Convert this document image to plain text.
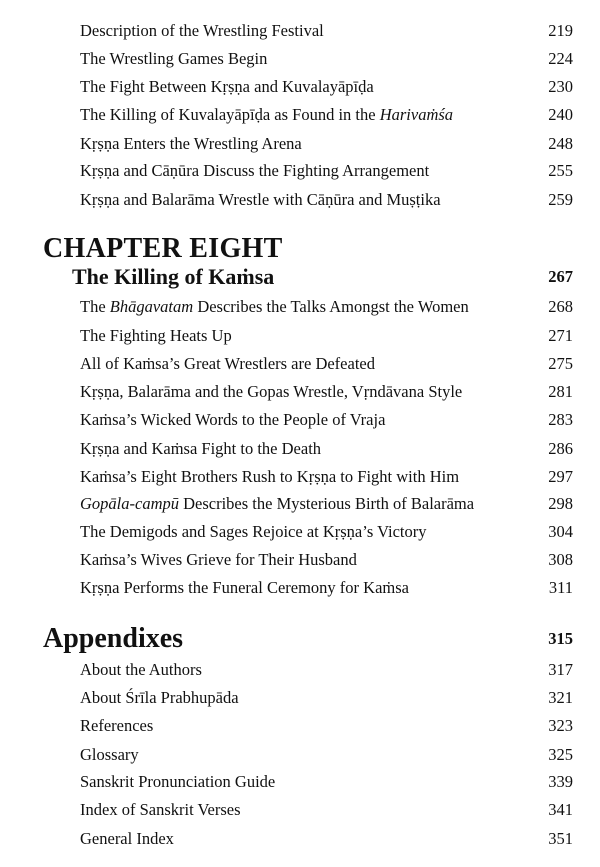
Description of the Wrestling Festival	219
The Wrestling Games Begin	224
The Fight Between Kṛṣṇa and Kuvalayāpīḍa	230
The Killing of Kuvalayāpīḍa as Found in the Harivaṁśa	240
Kṛṣṇa Enters the Wrestling Arena	248
Kṛṣṇa and Cāṇūra Discuss the Fighting Arrangement	255
Kṛṣṇa and Balarāma Wrestle with Cāṇūra and Muṣṭika	259
CHAPTER EIGHT
The Killing of Kaṁsa	267
The Bhāgavatam Describes the Talks Amongst the Women	268
The Fighting Heats Up	271
All of Kaṁsa’s Great Wrestlers are Defeated	275
Kṛṣṇa, Balarāma and the Gopas Wrestle, Vṛndāvana Style	281
Kaṁsa’s Wicked Words to the People of Vraja	283
Kṛṣṇa and Kaṁsa Fight to the Death	286
Kaṁsa’s Eight Brothers Rush to Kṛṣṇa to Fight with Him	297
Gopāla-campū Describes the Mysterious Birth of Balarāma	298
The Demigods and Sages Rejoice at Kṛṣṇa’s Victory	304
Kaṁsa’s Wives Grieve for Their Husband	308
Kṛṣṇa Performs the Funeral Ceremony for Kaṁsa	311
Appendixes	315
About the Authors	317
About Śrīla Prabhupāda	321
References	323
Glossary	325
Sanskrit Pronunciation Guide	339
Index of Sanskrit Verses	341
General Index	351
